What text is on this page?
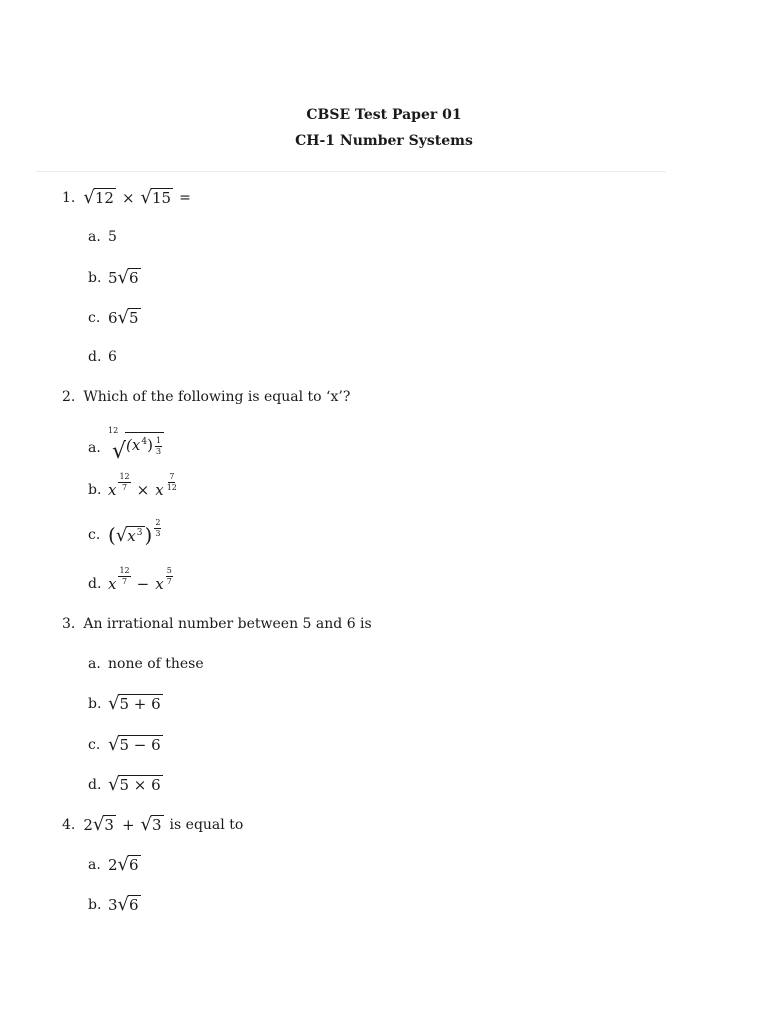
CBSE Test Paper 01
CH-1 Number Systems
1. √ 12 × √ 15 =
a. 5
b. 5 √ 6
c. 6 √ 5
d. 6
2. Which of the following is equal to ‘x’?
a.
12
√ $(x^4) \frac{1}{3}$
b. x $\frac{12}{7} \times x \frac{7}{12}$
c. ( √ $x^3$ ) $\frac{2}{3}$
d. x $\frac{12}{7} - x \frac{5}{7}$
3. An irrational number between 5 and 6 is
a. none of these
b. √ 5 + 6
c. √ 5 − 6
d. √ 5 × 6
4. 2 √ 3 + √ 3 is equal to
a. 2 √ 6
b. 3 √ 6
